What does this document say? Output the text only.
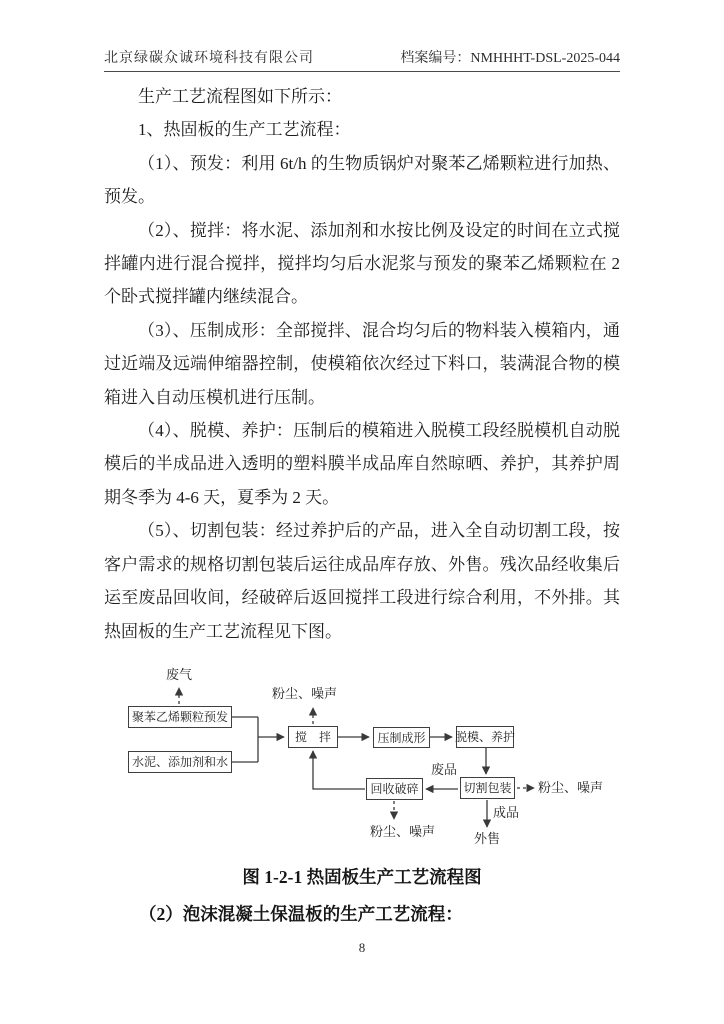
北京绿碳众诚环境科技有限公司	档案编号：NMHHHT-DSL-2025-044

生产工艺流程图如下所示：

1、热固板的生产工艺流程：

（1）、预发：利用 6t/h 的生物质锅炉对聚苯乙烯颗粒进行加热、预发。

（2）、搅拌：将水泥、添加剂和水按比例及设定的时间在立式搅拌罐内进行混合搅拌，搅拌均匀后水泥浆与预发的聚苯乙烯颗粒在 2 个卧式搅拌罐内继续混合。

（3）、压制成形：全部搅拌、混合均匀后的物料装入模箱内，通过近端及远端伸缩器控制，使模箱依次经过下料口，装满混合物的模箱进入自动压模机进行压制。

（4）、脱模、养护：压制后的模箱进入脱模工段经脱模机自动脱模后的半成品进入透明的塑料膜半成品库自然晾晒、养护，其养护周期冬季为 4-6 天，夏季为 2 天。

（5）、切割包装：经过养护后的产品，进入全自动切割工段，按客户需求的规格切割包装后运往成品库存放、外售。残次品经收集后运至废品回收间，经破碎后返回搅拌工段进行综合利用，不外排。其热固板的生产工艺流程见下图。

聚苯乙烯颗粒预发
水泥、添加剂和水
搅　拌	压制成形	脱模、养护
切割包装
回收破碎
废气
粉尘、噪声
废品
粉尘、噪声
成品
外售
粉尘、噪声
图 1-2-1 热固板生产工艺流程图
（2）泡沫混凝土保温板的生产工艺流程：
8
